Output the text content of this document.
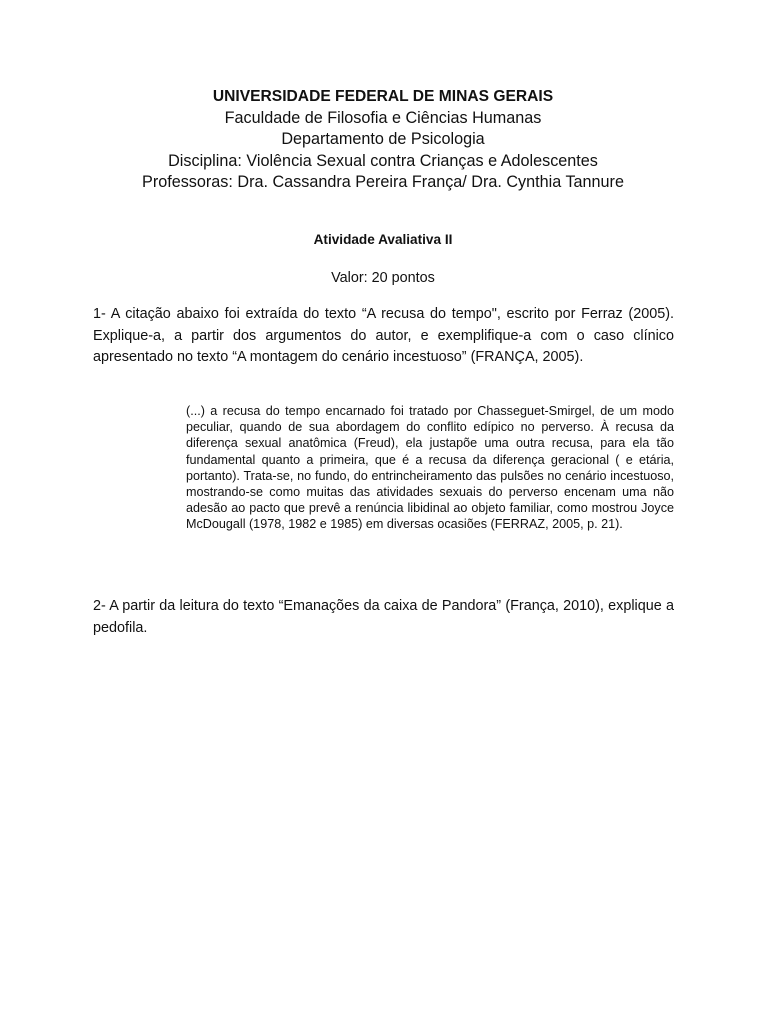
UNIVERSIDADE FEDERAL DE MINAS GERAIS
Faculdade de Filosofia e Ciências Humanas
Departamento de Psicologia
Disciplina: Violência Sexual contra Crianças e Adolescentes
Professoras: Dra. Cassandra Pereira França/ Dra. Cynthia Tannure
Atividade Avaliativa II
Valor: 20 pontos
1- A citação abaixo foi extraída do texto “A recusa do tempo", escrito por Ferraz (2005). Explique-a, a partir dos argumentos do autor, e exemplifique-a com o caso clínico apresentado no texto “A montagem do cenário incestuoso” (FRANÇA, 2005).
(...) a recusa do tempo encarnado foi tratado por Chasseguet-Smirgel, de um modo peculiar, quando de sua abordagem do conflito edípico no perverso. À recusa da diferença sexual anatômica (Freud), ela justapõe uma outra recusa, para ela tão fundamental quanto a primeira, que é a recusa da diferença geracional ( e etária, portanto). Trata-se, no fundo, do entrincheiramento das pulsões no cenário incestuoso, mostrando-se como muitas das atividades sexuais do perverso encenam uma não adesão ao pacto que prevê a renúncia libidinal ao objeto familiar, como mostrou Joyce McDougall (1978, 1982 e 1985) em diversas ocasiões (FERRAZ, 2005, p. 21).
2- A partir da leitura do texto “Emanações da caixa de Pandora” (França, 2010), explique a pedofila.
